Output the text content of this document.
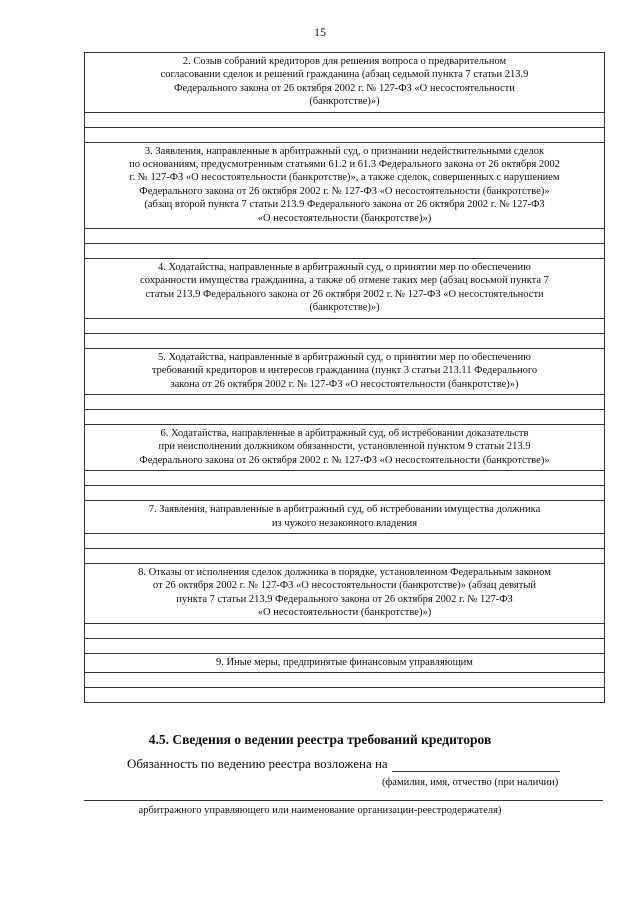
15
2. Созыв собраний кредиторов для решения вопроса о предварительном
согласовании сделок и решений гражданина (абзац седьмой пункта 7 статьи 213.9
Федерального закона от 26 октября 2002 г. № 127-ФЗ «О несостоятельности
(банкротстве)»)
3. Заявления, направленные в арбитражный суд, о признании недействительными сделок
по основаниям, предусмотренным статьями 61.2 и 61.3 Федерального закона от 26 октября 2002
г. № 127-ФЗ «О несостоятельности (банкротстве)», а также сделок, совершенных с нарушением
Федерального закона от 26 октября 2002 г. № 127-ФЗ «О несостоятельности (банкротстве)»
(абзац второй пункта 7 статьи 213.9 Федерального закона от 26 октября 2002 г. № 127-ФЗ
«О несостоятельности (банкротстве)»)
4. Ходатайства, направленные в арбитражный суд, о принятии мер по обеспечению
сохранности имущества гражданина, а также об отмене таких мер (абзац восьмой пункта 7
статьи 213.9 Федерального закона от 26 октября 2002 г. № 127-ФЗ «О несостоятельности
(банкротстве)»)
5. Ходатайства, направленные в арбитражный суд, о принятии мер по обеспечению
требований кредиторов и интересов гражданина (пункт 3 статьи 213.11 Федерального
закона от 26 октября 2002 г. № 127-ФЗ «О несостоятельности (банкротстве)»)
6. Ходатайства, направленные в арбитражный суд, об истребовании доказательств
при неисполнении должником обязанности, установленной пунктом 9 статьи 213.9
Федерального закона от 26 октября 2002 г. № 127-ФЗ «О несостоятельности (банкротстве)»
7. Заявления, направленные в арбитражный суд, об истребовании имущества должника
из чужого незаконного владения
8. Отказы от исполнения сделок должника в порядке, установленном Федеральным законом
от 26 октября 2002 г. № 127-ФЗ «О несостоятельности (банкротстве)» (абзац девятый
пункта 7 статьи 213.9 Федерального закона от 26 октября 2002 г. № 127-ФЗ
«О несостоятельности (банкротстве)»)
9. Иные меры, предпринятые финансовым управляющим
4.5. Сведения о ведении реестра требований кредиторов
Обязанность по ведению реестра возложена на
(фамилия, имя, отчество (при наличии)
арбитражного управляющего или наименование организации-реестродержателя)
